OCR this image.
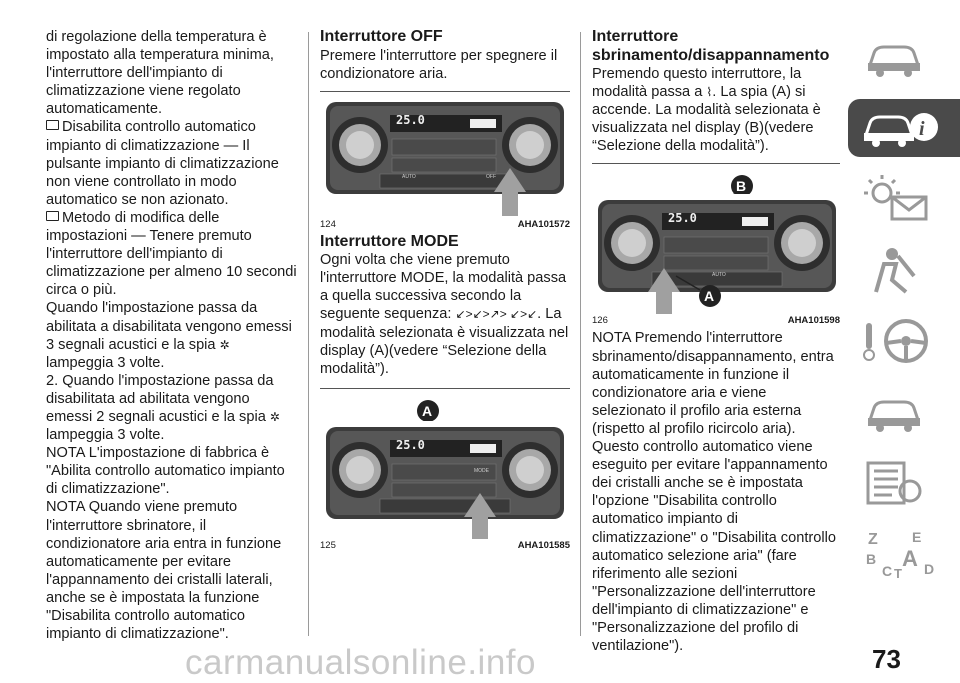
di regolazione della temperatura è impostato alla temperatura minima, l'interruttore dell'impianto di climatizzazione viene regolato automaticamente.

Disabilita controllo automatico impianto di climatizzazione — Il pulsante impianto di climatizzazione non viene controllato in modo automatico se non azionato.

Metodo di modifica delle impostazioni — Tenere premuto l'interruttore dell'impianto di climatizzazione per almeno 10 secondi circa o più.

Quando l'impostazione passa da abilitata a disabilitata vengono emessi 3 segnali acustici e la spia ✲ lampeggia 3 volte.

2. Quando l'impostazione passa da disabilitata ad abilitata vengono emessi 2 segnali acustici e la spia ✲ lampeggia 3 volte.

NOTA L'impostazione di fabbrica è "Abilita controllo automatico impianto di climatizzazione".

NOTA Quando viene premuto l'interruttore sbrinatore, il condizionatore aria entra in funzione automaticamente per evitare l'appannamento dei cristalli laterali, anche se è impostata la funzione "Disabilita controllo automatico impianto di climatizzazione".

Interruttore OFF

Premere l'interruttore per spegnere il condizionatore aria.

25.0
AUTO	OFF
124	AHA101572

Interruttore MODE

Ogni volta che viene premuto l'interruttore MODE, la modalità passa a quella successiva secondo la seguente sequenza: ↙>↙>↗> ↙>↙. La modalità selezionata è visualizzata nel display (A)(vedere “Selezione della modalità”).

A
25.0
MODE
125	AHA101585

Interruttore sbrinamento/disappannamento

Premendo questo interruttore, la modalità passa a ⌇. La spia (A) si accende. La modalità selezionata è visualizzata nel display (B)(vedere “Selezione della modalità”).

B
25.0
AUTO
A
126	AHA101598

NOTA Premendo l'interruttore sbrinamento/disappannamento, entra automaticamente in funzione il condizionatore aria e viene selezionato il profilo aria esterna (rispetto al profilo ricircolo aria). Questo controllo automatico viene eseguito per evitare l'appannamento dei cristalli anche se è impostata l'opzione "Disabilita controllo automatico impianto di climatizzazione" o "Disabilita controllo automatico selezione aria" (fare riferimento alle sezioni "Personalizzazione dell'interruttore dell'impianto di climatizzazione" e "Personalizzazione del profilo di ventilazione").

i
Z E
B A
C T D
carmanualsonline.info	73
